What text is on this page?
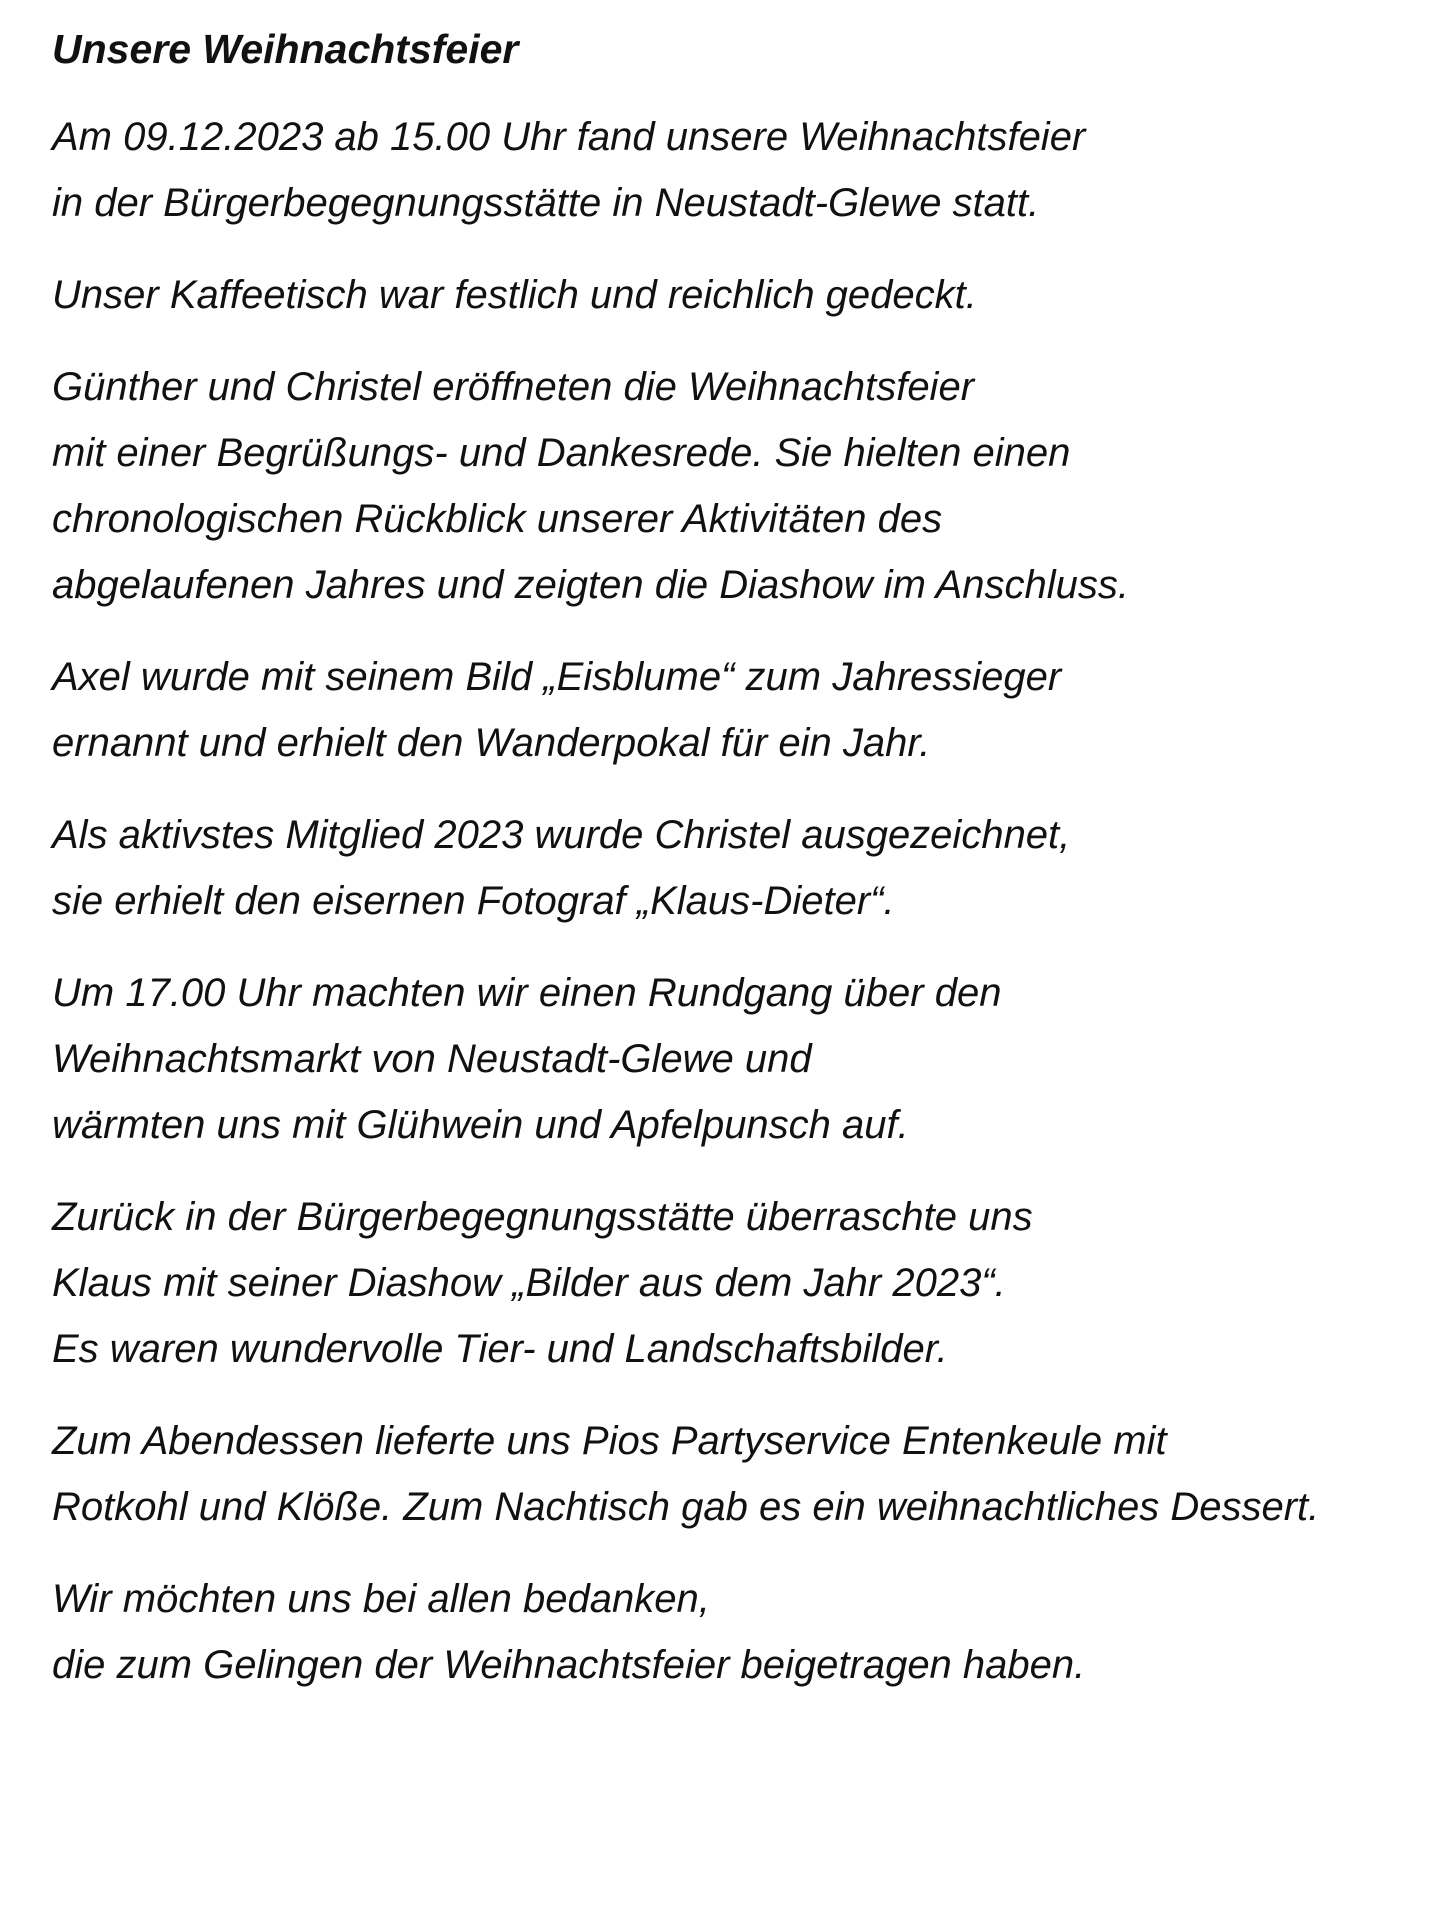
Unsere Weihnachtsfeier
Am 09.12.2023 ab 15.00 Uhr fand unsere Weihnachtsfeier
in der Bürgerbegegnungsstätte in Neustadt-Glewe statt.
Unser Kaffeetisch war festlich und reichlich gedeckt.
Günther und Christel eröffneten die Weihnachtsfeier
mit einer Begrüßungs- und Dankesrede. Sie hielten einen
chronologischen Rückblick unserer Aktivitäten des
abgelaufenen Jahres und zeigten die Diashow im Anschluss.
Axel wurde mit seinem Bild „Eisblume“ zum Jahressieger
ernannt und erhielt den Wanderpokal für ein Jahr.
Als aktivstes Mitglied 2023 wurde Christel ausgezeichnet,
sie erhielt den eisernen Fotograf „Klaus-Dieter“.
Um 17.00 Uhr machten wir einen Rundgang über den
Weihnachtsmarkt von Neustadt-Glewe und
wärmten uns mit Glühwein und Apfelpunsch auf.
Zurück in der Bürgerbegegnungsstätte überraschte uns
Klaus mit seiner Diashow „Bilder aus dem Jahr 2023“.
Es waren wundervolle Tier- und Landschaftsbilder.
Zum Abendessen lieferte uns Pios Partyservice Entenkeule mit
Rotkohl und Klöße. Zum Nachtisch gab es ein weihnachtliches Dessert.
Wir möchten uns bei allen bedanken,
die zum Gelingen der Weihnachtsfeier beigetragen haben.
